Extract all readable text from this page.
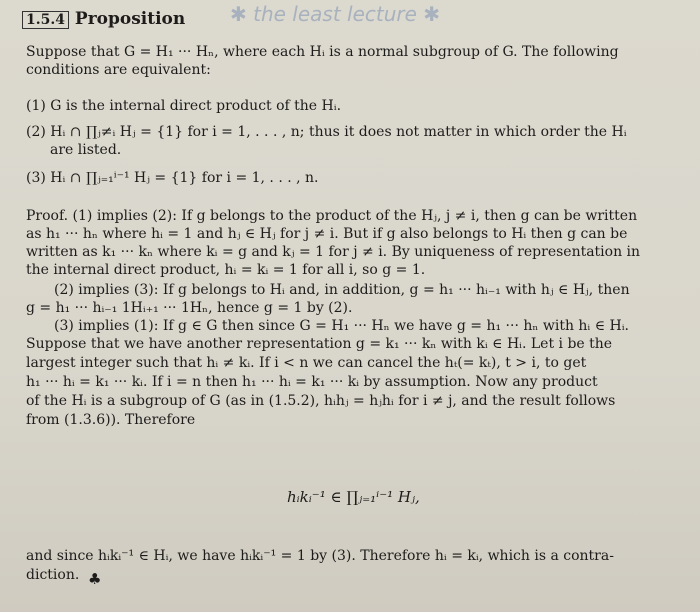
1.5.4 Proposition ✱ the least lecture ✱
Suppose that G = H₁ ··· Hₙ, where each Hᵢ is a normal subgroup of G. The following
conditions are equivalent:
(1) G is the internal direct product of the Hᵢ.
(2) Hᵢ ∩ ∏ⱼ≠ᵢ Hⱼ = {1} for i = 1, . . . , n; thus it does not matter in which order the Hᵢ
are listed.
(3) Hᵢ ∩ ∏ⱼ₌₁ⁱ⁻¹ Hⱼ = {1} for i = 1, . . . , n.
Proof. (1) implies (2): If g belongs to the product of the Hⱼ, j ≠ i, then g can be written
as h₁ ··· hₙ where hᵢ = 1 and hⱼ ∈ Hⱼ for j ≠ i. But if g also belongs to Hᵢ then g can be
written as k₁ ··· kₙ where kᵢ = g and kⱼ = 1 for j ≠ i. By uniqueness of representation in
the internal direct product, hᵢ = kᵢ = 1 for all i, so g = 1.
(2) implies (3): If g belongs to Hᵢ and, in addition, g = h₁ ··· hᵢ₋₁ with hⱼ ∈ Hⱼ, then
g = h₁ ··· hᵢ₋₁ 1Hᵢ₊₁ ··· 1Hₙ, hence g = 1 by (2).
(3) implies (1): If g ∈ G then since G = H₁ ··· Hₙ we have g = h₁ ··· hₙ with hᵢ ∈ Hᵢ.
Suppose that we have another representation g = k₁ ··· kₙ with kᵢ ∈ Hᵢ. Let i be the
largest integer such that hᵢ ≠ kᵢ. If i < n we can cancel the hₜ(= kₜ), t > i, to get
h₁ ··· hᵢ = k₁ ··· kᵢ. If i = n then h₁ ··· hᵢ = k₁ ··· kᵢ by assumption. Now any product
of the Hᵢ is a subgroup of G (as in (1.5.2), hᵢhⱼ = hⱼhᵢ for i ≠ j, and the result follows
from (1.3.6)). Therefore
hᵢkᵢ⁻¹ ∈ ∏ⱼ₌₁ⁱ⁻¹ Hⱼ,
and since hᵢkᵢ⁻¹ ∈ Hᵢ, we have hᵢkᵢ⁻¹ = 1 by (3). Therefore hᵢ = kᵢ, which is a contra-
diction. ♣
